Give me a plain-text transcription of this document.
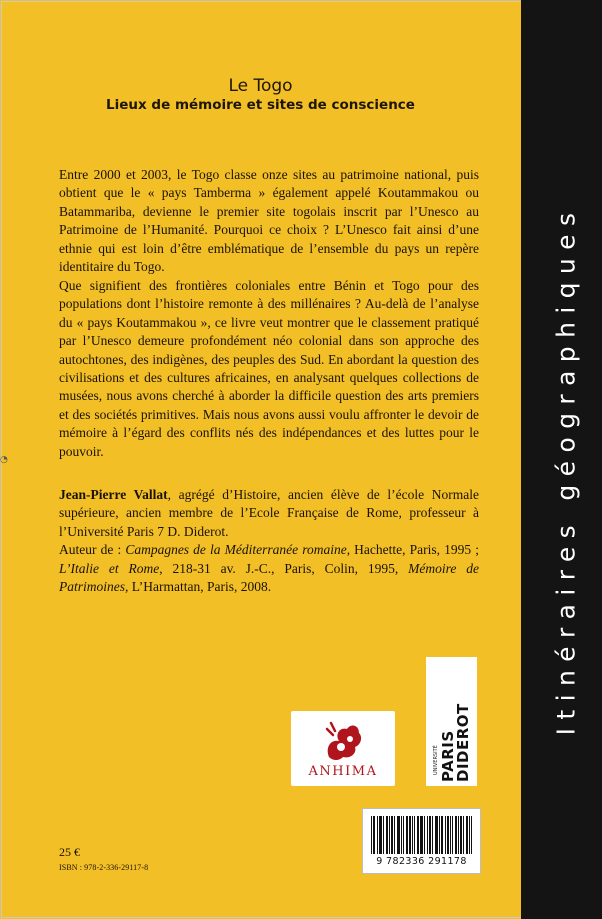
◔
Le Togo
Lieux de mémoire et sites de conscience

Entre 2000 et 2003, le Togo classe onze sites au patrimoine national, puis obtient que le « pays Tamberma » également appelé Koutammakou ou Batammariba, devienne le premier site togolais inscrit par l’Unesco au Patrimoine de l’Humanité. Pourquoi ce choix ? L’Unesco fait ainsi d’une ethnie qui est loin d’être emblématique de l’ensemble du pays un repère identitaire du Togo.

Que signifient des frontières coloniales entre Bénin et Togo pour des populations dont l’histoire remonte à des millénaires ? Au-delà de l’analyse du « pays Koutammakou », ce livre veut montrer que le classement pratiqué par l’Unesco demeure profondément néo colonial dans son approche des autochtones, des indigènes, des peuples des Sud. En abordant la question des civilisations et des cultures africaines, en analysant quelques collections de musées, nous avons cherché à aborder la difficile question des arts premiers et des sociétés primitives. Mais nous avons aussi voulu affronter le devoir de mémoire à l’égard des conflits nés des indépendances et des luttes pour le pouvoir.

Jean-Pierre Vallat, agrégé d’Histoire, ancien élève de l’école Normale supérieure, ancien membre de l’Ecole Française de Rome, professeur à l’Université Paris 7 D. Diderot.

Auteur de : Campagnes de la Méditerranée romaine, Hachette, Paris, 1995 ; L’Italie et Rome, 218-31 av. J.-C., Paris, Colin, 1995, Mémoire de Patrimoines, L’Harmattan, Paris, 2008.

ANHIMA	UNIVERSITÉ PARIS
DIDEROT
9 782336 291178
25 €
ISBN : 978-2-336-29117-8
Itinéraires géographiques
